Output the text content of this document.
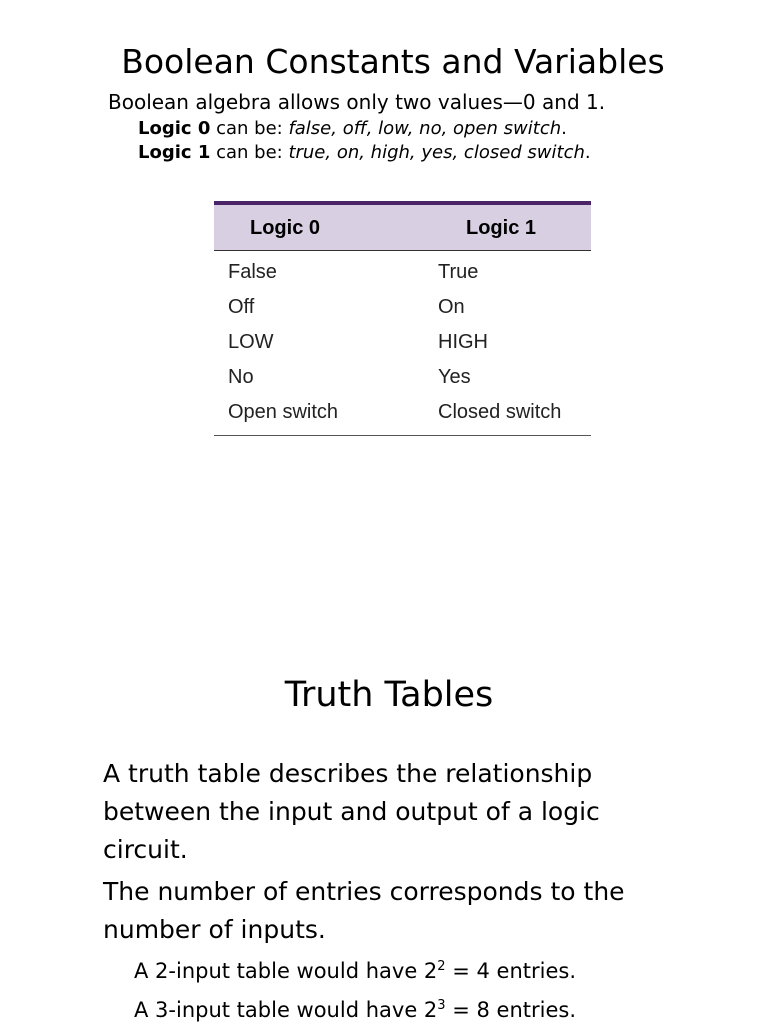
Boolean Constants and Variables
Boolean algebra allows only two values—0 and 1.
Logic 0 can be: false, off, low, no, open switch.
Logic 1 can be: true, on, high, yes, closed switch.
Logic 0	Logic 1
False	True
Off	On
LOW	HIGH
No	Yes
Open switch	Closed switch
Truth Tables
A truth table describes the relationship between the input and output of a logic circuit.
The number of entries corresponds to the number of inputs.
A 2-input table would have $2^2 = 4$ entries.
A 3-input table would have $2^3 = 8$ entries.
